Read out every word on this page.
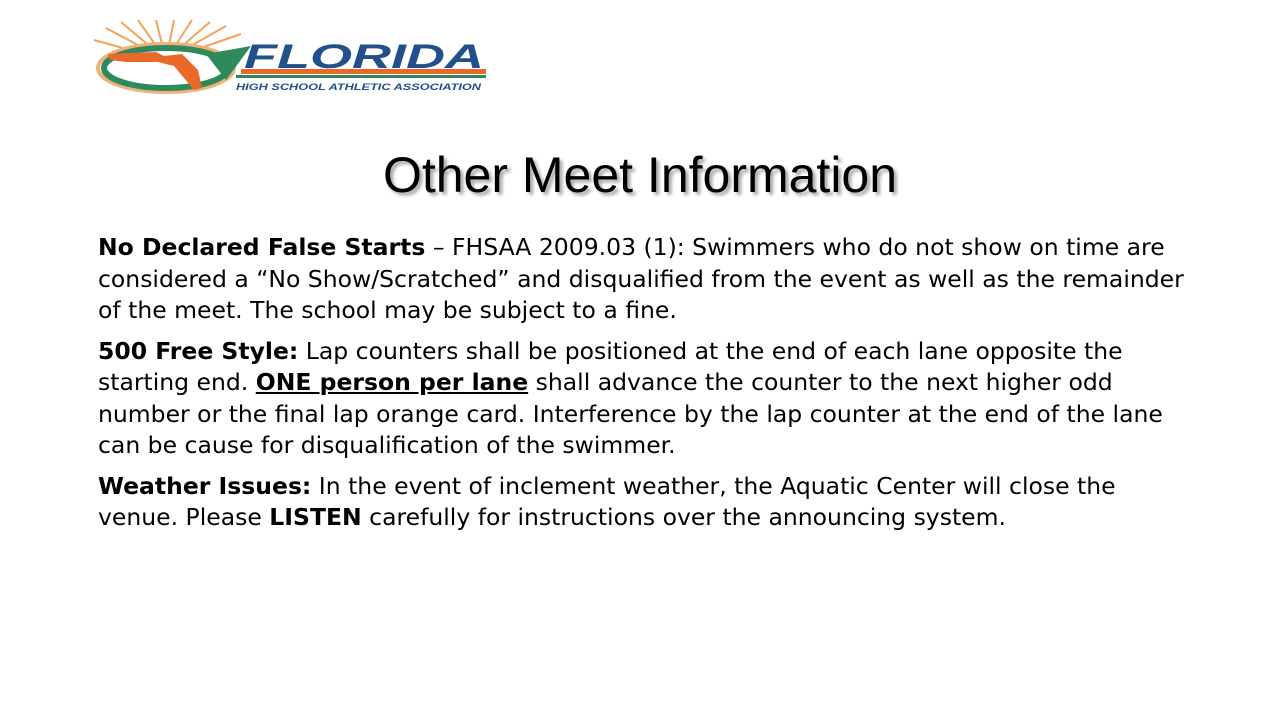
FLORIDA
HIGH SCHOOL ATHLETIC ASSOCIATION
Other Meet Information

No Declared False Starts – FHSAA 2009.03 (1): Swimmers who do not show on time are considered a “No Show/Scratched” and disqualified from the event as well as the remainder of the meet. The school may be subject to a fine.

500 Free Style: Lap counters shall be positioned at the end of each lane opposite the starting end. ONE person per lane shall advance the counter to the next higher odd number or the final lap orange card. Interference by the lap counter at the end of the lane can be cause for disqualification of the swimmer.

Weather Issues: In the event of inclement weather, the Aquatic Center will close the venue. Please LISTEN carefully for instructions over the announcing system.
